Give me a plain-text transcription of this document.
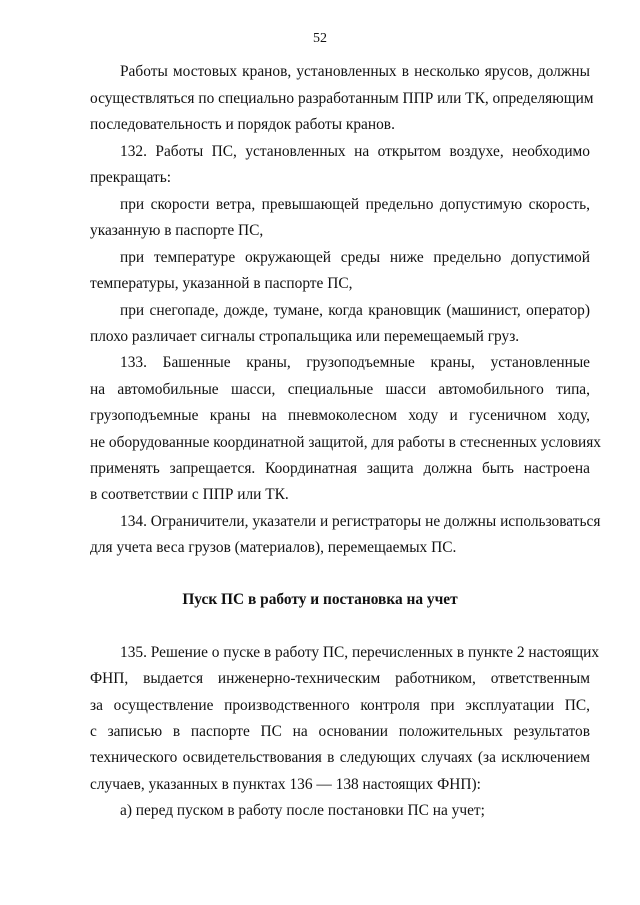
52
Работы мостовых кранов, установленных в несколько ярусов, должны
осуществляться по специально разработанным ППР или ТК, определяющим
последовательность и порядок работы кранов.
132. Работы ПС, установленных на открытом воздухе, необходимо
прекращать:
при скорости ветра, превышающей предельно допустимую скорость,
указанную в паспорте ПС,
при температуре окружающей среды ниже предельно допустимой
температуры, указанной в паспорте ПС,
при снегопаде, дожде, тумане, когда крановщик (машинист, оператор)
плохо различает сигналы стропальщика или перемещаемый груз.
133. Башенные краны, грузоподъемные краны, установленные
на автомобильные шасси, специальные шасси автомобильного типа,
грузоподъемные краны на пневмоколесном ходу и гусеничном ходу,
не оборудованные координатной защитой, для работы в стесненных условиях
применять запрещается. Координатная защита должна быть настроена
в соответствии с ППР или ТК.
134. Ограничители, указатели и регистраторы не должны использоваться
для учета веса грузов (материалов), перемещаемых ПС.
Пуск ПС в работу и постановка на учет
135. Решение о пуске в работу ПС, перечисленных в пункте 2 настоящих
ФНП, выдается инженерно-техническим работником, ответственным
за осуществление производственного контроля при эксплуатации ПС,
с записью в паспорте ПС на основании положительных результатов
технического освидетельствования в следующих случаях (за исключением
случаев, указанных в пунктах 136 — 138 настоящих ФНП):
а) перед пуском в работу после постановки ПС на учет;
